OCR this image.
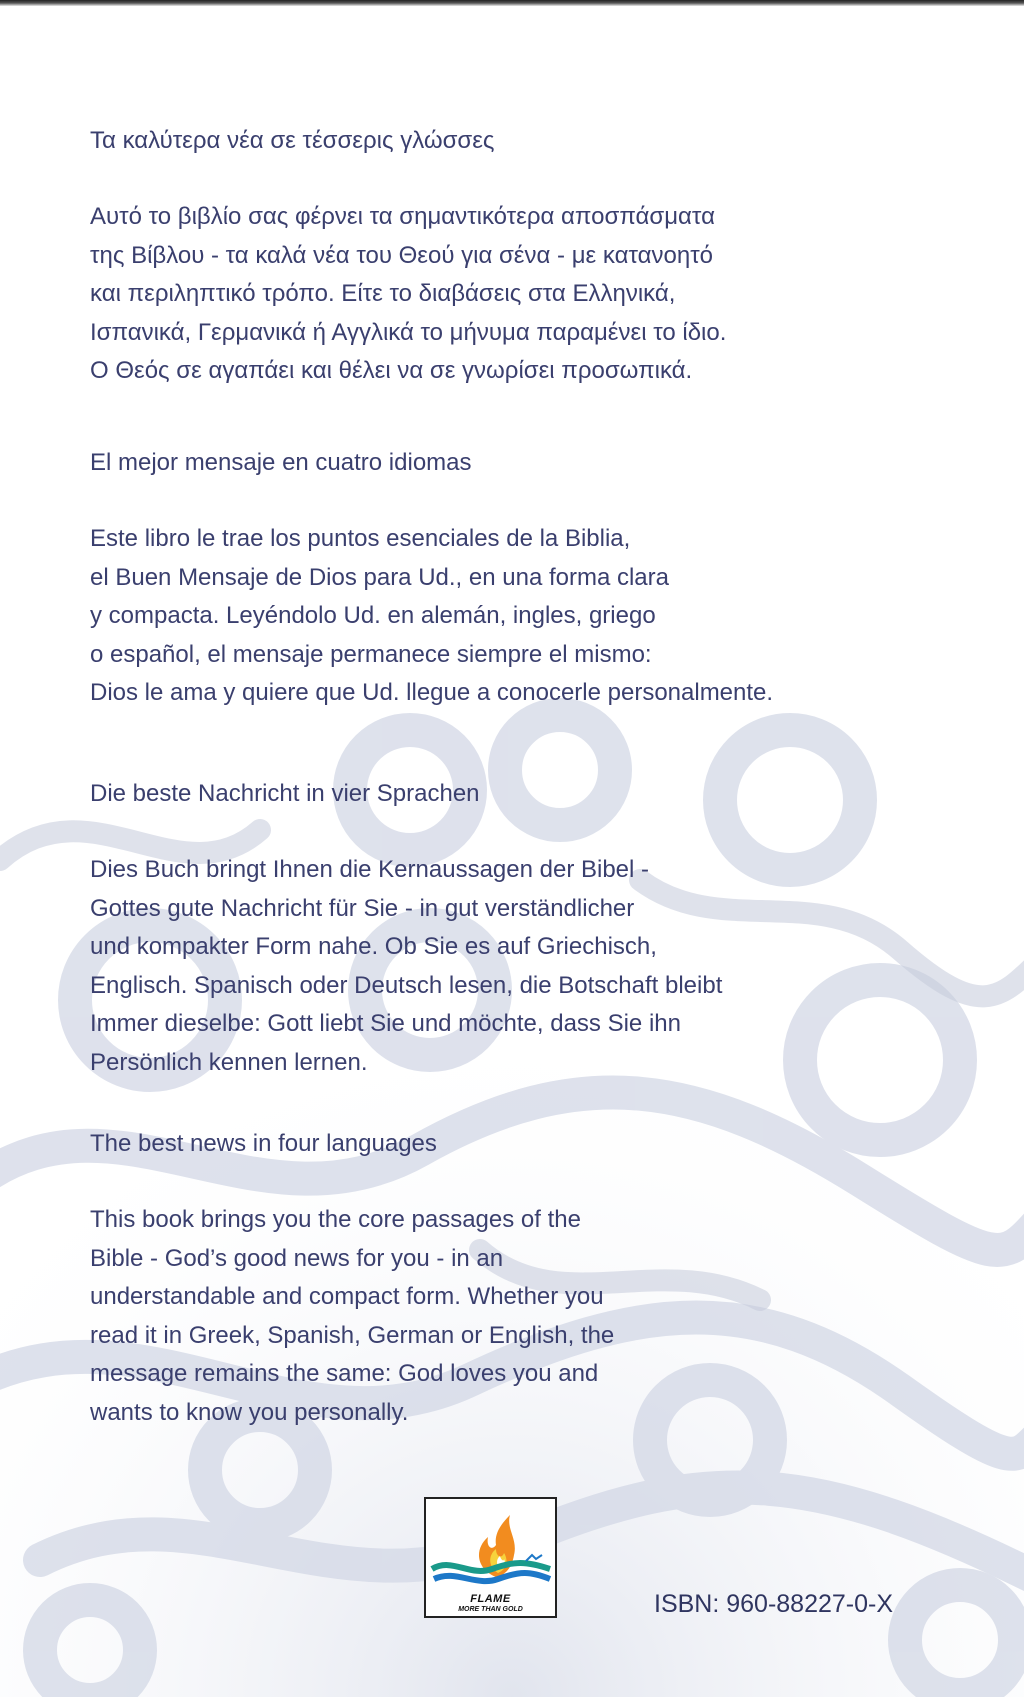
Τα καλύτερα νέα σε τέσσερις γλώσσες

Αυτό το βιβλίο σας φέρνει τα σημαντικότερα αποσπάσματα
της Βίβλου - τα καλά νέα του Θεού για σένα - με κατανοητό
και περιληπτικό τρόπο. Είτε το διαβάσεις στα Ελληνικά,
Ισπανικά, Γερμανικά ή Αγγλικά το μήνυμα παραμένει το ίδιο.
Ο Θεός σε αγαπάει και θέλει να σε γνωρίσει προσωπικά.

El mejor mensaje en cuatro idiomas

Este libro le trae los puntos esenciales de la Biblia,
el Buen Mensaje de Dios para Ud., en una forma clara
y compacta. Leyéndolo Ud. en alemán, ingles, griego
o español, el mensaje permanece siempre el mismo:
Dios le ama y quiere que Ud. llegue a conocerle personalmente.

Die beste Nachricht in vier Sprachen

Dies Buch bringt Ihnen die Kernaussagen der Bibel -
Gottes gute Nachricht für Sie - in gut verständlicher
und kompakter Form nahe. Ob Sie es auf Griechisch,
Englisch. Spanisch oder Deutsch lesen, die Botschaft bleibt
Immer dieselbe: Gott liebt Sie und möchte, dass Sie ihn
Persönlich kennen lernen.

The best news in four languages

This book brings you the core passages of the
Bible - God’s good news for you - in an
understandable and compact form. Whether you
read it in Greek, Spanish, German or English, the
message remains the same: God loves you and
wants to know you personally.

FLAME
MORE THAN GOLD	ISBN: 960-88227-0-X
